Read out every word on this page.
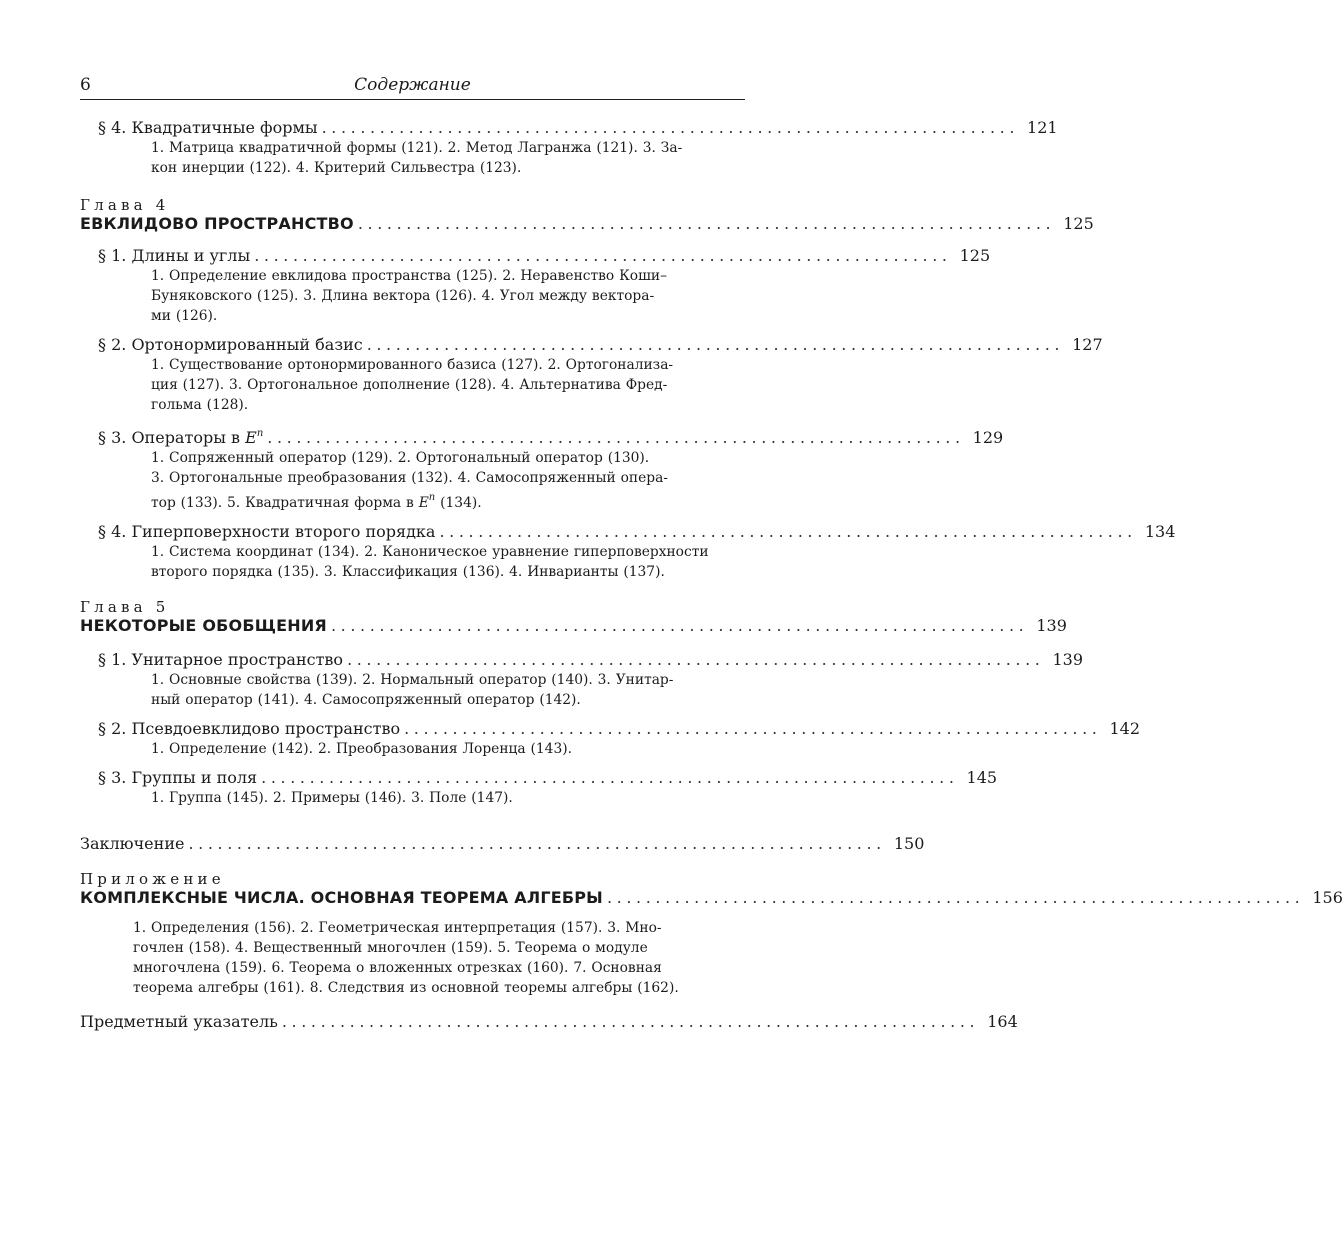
6	Содержание
§ 4. Квадратичные формы ........................................................................ 121
1. Матрица квадратичной формы (121). 2. Метод Лагранжа (121). 3. За-
кон инерции (122). 4. Критерий Сильвестра (123).
Глава 4
ЕВКЛИДОВО ПРОСТРАНСТВО ........................................................................ 125
§ 1. Длины и углы ........................................................................ 125
1. Определение евклидова пространства (125). 2. Неравенство Коши–
Буняковского (125). 3. Длина вектора (126). 4. Угол между вектора-
ми (126).
§ 2. Ортонормированный базис ........................................................................ 127
1. Существование ортонормированного базиса (127). 2. Ортогонализа-
ция (127). 3. Ортогональное дополнение (128). 4. Альтернатива Фред-
гольма (128).
§ 3. Операторы в $E^n$ ........................................................................ 129
1. Сопряженный оператор (129). 2. Ортогональный оператор (130).
3. Ортогональные преобразования (132). 4. Самосопряженный опера-
тор (133). 5. Квадратичная форма в $E^n$ (134).
§ 4. Гиперповерхности второго порядка ........................................................................ 134
1. Система координат (134). 2. Каноническое уравнение гиперповерхности
второго порядка (135). 3. Классификация (136). 4. Инварианты (137).
Глава 5
НЕКОТОРЫЕ ОБОБЩЕНИЯ ........................................................................ 139
§ 1. Унитарное пространство ........................................................................ 139
1. Основные свойства (139). 2. Нормальный оператор (140). 3. Унитар-
ный оператор (141). 4. Самосопряженный оператор (142).
§ 2. Псевдоевклидово пространство ........................................................................ 142
1. Определение (142). 2. Преобразования Лоренца (143).
§ 3. Группы и поля ........................................................................ 145
1. Группа (145). 2. Примеры (146). 3. Поле (147).
Заключение ........................................................................ 150
Приложение
КОМПЛЕКСНЫЕ ЧИСЛА. ОСНОВНАЯ ТЕОРЕМА АЛГЕБРЫ ........................................................................ 156
1. Определения (156). 2. Геометрическая интерпретация (157). 3. Мно-
гочлен (158). 4. Вещественный многочлен (159). 5. Теорема о модуле
многочлена (159). 6. Теорема о вложенных отрезках (160). 7. Основная
теорема алгебры (161). 8. Следствия из основной теоремы алгебры (162).
Предметный указатель ........................................................................ 164
